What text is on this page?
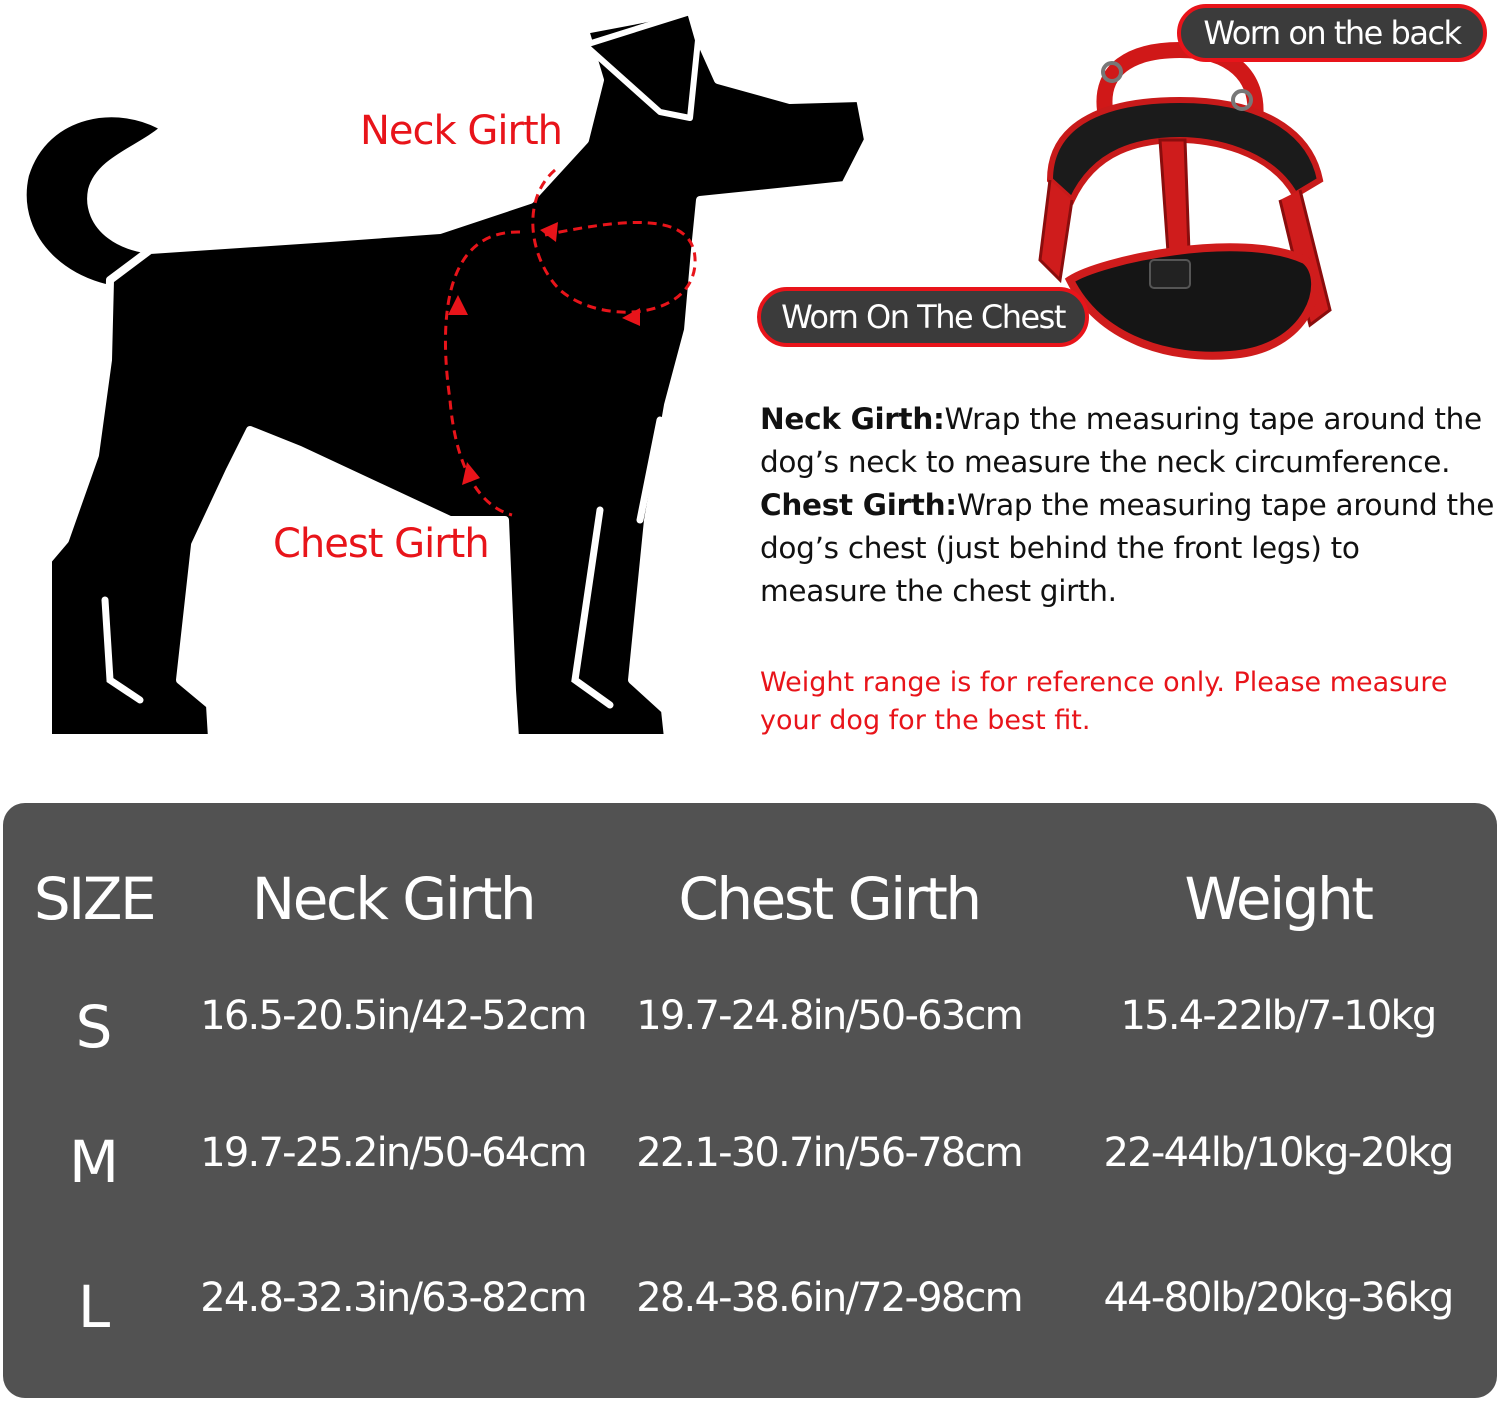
Neck Girth
Chest Girth
Worn on the back
Worn On The Chest

Neck Girth:Wrap the measuring tape around the dog’s neck to measure the neck circumference.

Chest Girth:Wrap the measuring tape around the dog’s chest (just behind the front legs) to measure the chest girth.

Weight range is for reference only. Please measure your dog for the best fit.
SIZE Neck Girth Chest Girth	Weight
S 16.5-20.5in/42-52cm 19.7-24.8in/50-63cm 15.4-22lb/7-10kg
M 19.7-25.2in/50-64cm 22.1-30.7in/56-78cm 22-44lb/10kg-20kg
L 24.8-32.3in/63-82cm 28.4-38.6in/72-98cm 44-80lb/20kg-36kg
